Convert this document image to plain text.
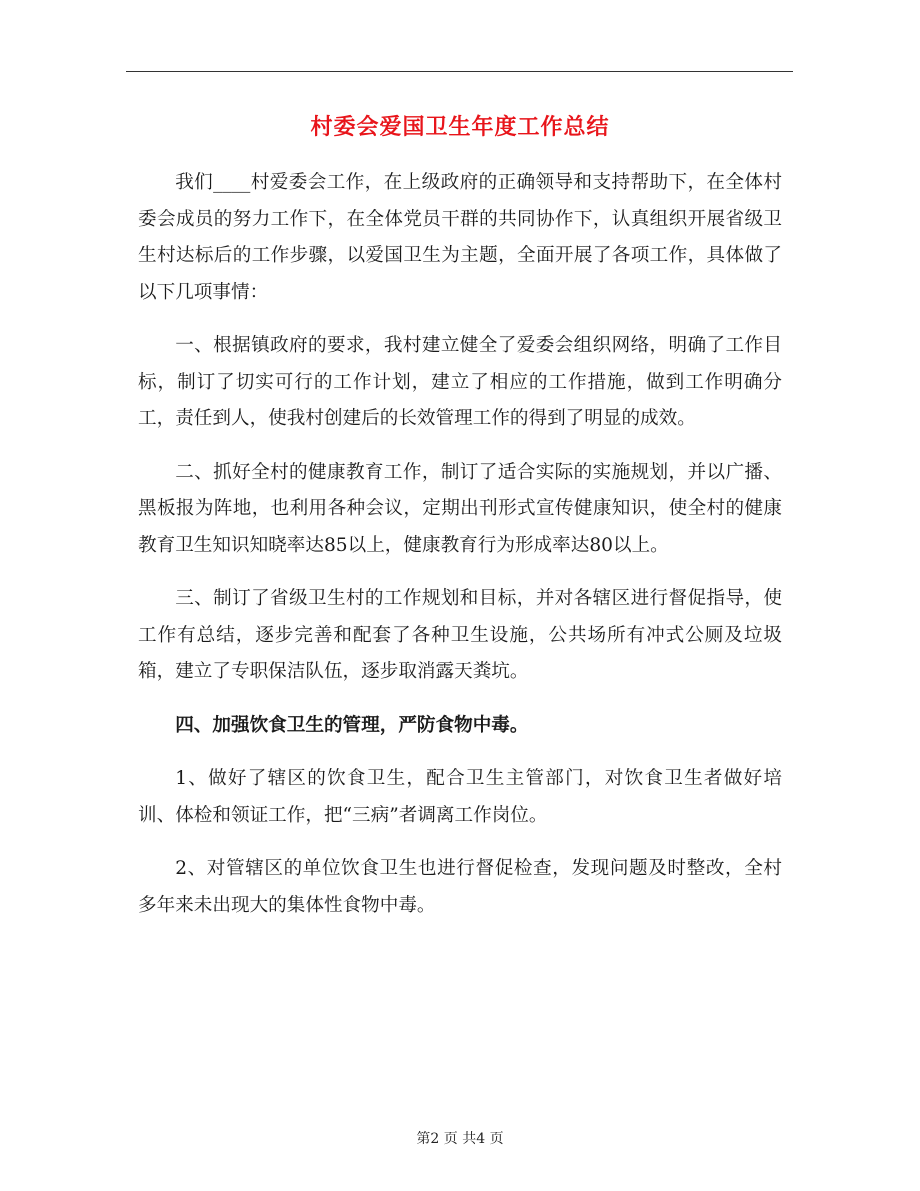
村委会爱国卫生年度工作总结

我们____村爱委会工作，在上级政府的正确领导和支持帮助下，在全体村委会成员的努力工作下，在全体党员干群的共同协作下，认真组织开展省级卫生村达标后的工作步骤，以爱国卫生为主题，全面开展了各项工作，具体做了以下几项事情：

一、根据镇政府的要求，我村建立健全了爱委会组织网络，明确了工作目标，制订了切实可行的工作计划，建立了相应的工作措施，做到工作明确分工，责任到人，使我村创建后的长效管理工作的得到了明显的成效。

二、抓好全村的健康教育工作，制订了适合实际的实施规划，并以广播、黑板报为阵地，也利用各种会议，定期出刊形式宣传健康知识，使全村的健康教育卫生知识知晓率达85以上，健康教育行为形成率达80以上。

三、制订了省级卫生村的工作规划和目标，并对各辖区进行督促指导，使工作有总结，逐步完善和配套了各种卫生设施，公共场所有冲式公厕及垃圾箱，建立了专职保洁队伍，逐步取消露天粪坑。

四、加强饮食卫生的管理，严防食物中毒。

1、做好了辖区的饮食卫生，配合卫生主管部门，对饮食卫生者做好培训、体检和领证工作，把“三病”者调离工作岗位。

2、对管辖区的单位饮食卫生也进行督促检查，发现问题及时整改，全村多年来未出现大的集体性食物中毒。

第2 页 共4 页
